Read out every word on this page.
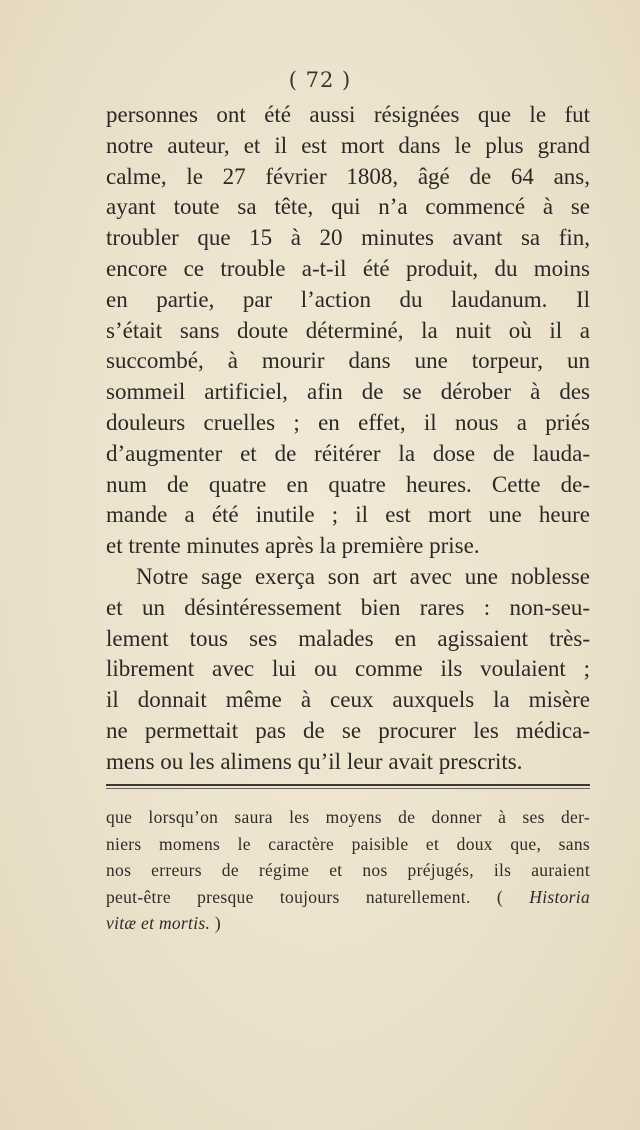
( 72 )
personnes ont été aussi résignées que le fut
notre auteur, et il est mort dans le plus grand
calme, le 27 février 1808, âgé de 64 ans,
ayant toute sa tête, qui n’a commencé à se
troubler que 15 à 20 minutes avant sa fin,
encore ce trouble a-t-il été produit, du moins
en partie, par l’action du laudanum. Il
s’était sans doute déterminé, la nuit où il a
succombé, à mourir dans une torpeur, un
sommeil artificiel, afin de se dérober à des
douleurs cruelles ; en effet, il nous a priés
d’augmenter et de réitérer la dose de lauda-
num de quatre en quatre heures. Cette de-
mande a été inutile ; il est mort une heure
et trente minutes après la première prise.
Notre sage exerça son art avec une noblesse
et un désintéressement bien rares : non-seu-
lement tous ses malades en agissaient très-
librement avec lui ou comme ils voulaient ;
il donnait même à ceux auxquels la misère
ne permettait pas de se procurer les médica-
mens ou les alimens qu’il leur avait prescrits.
que lorsqu’on saura les moyens de donner à ses der-
niers momens le caractère paisible et doux que, sans
nos erreurs de régime et nos préjugés, ils auraient
peut-être presque toujours naturellement. ( Historia
vitæ et mortis. )
